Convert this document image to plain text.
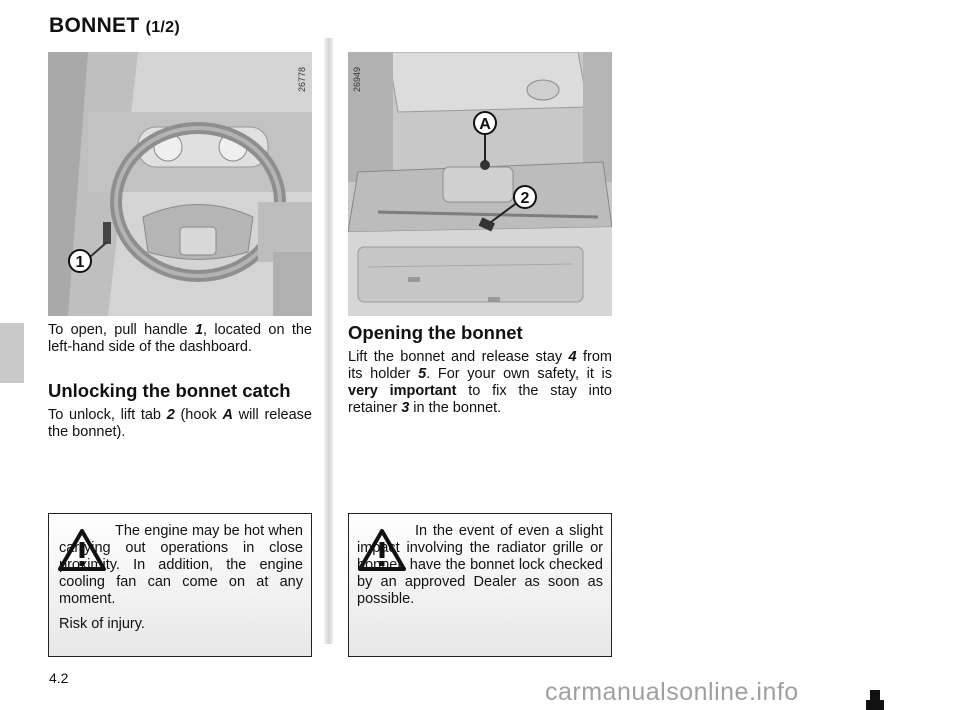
BONNET (1/2)
1
26778
A
2
26949

To open, pull handle 1, located on the left-hand side of the dashboard.

Unlocking the bonnet catch

To unlock, lift tab 2 (hook A will release the bonnet).

Opening the bonnet

Lift the bonnet and release stay 4 from its holder 5. For your own safety, it is very important to fix the stay into retainer 3 in the bonnet.

The engine may be hot when carrying out operations in close proximity. In addition, the engine cooling fan can come on at any moment.

Risk of injury.

In the event of even a slight impact involving the radiator grille or bonnet, have the bonnet lock checked by an approved Dealer as soon as possible.

4.2	carmanualsonline.info
